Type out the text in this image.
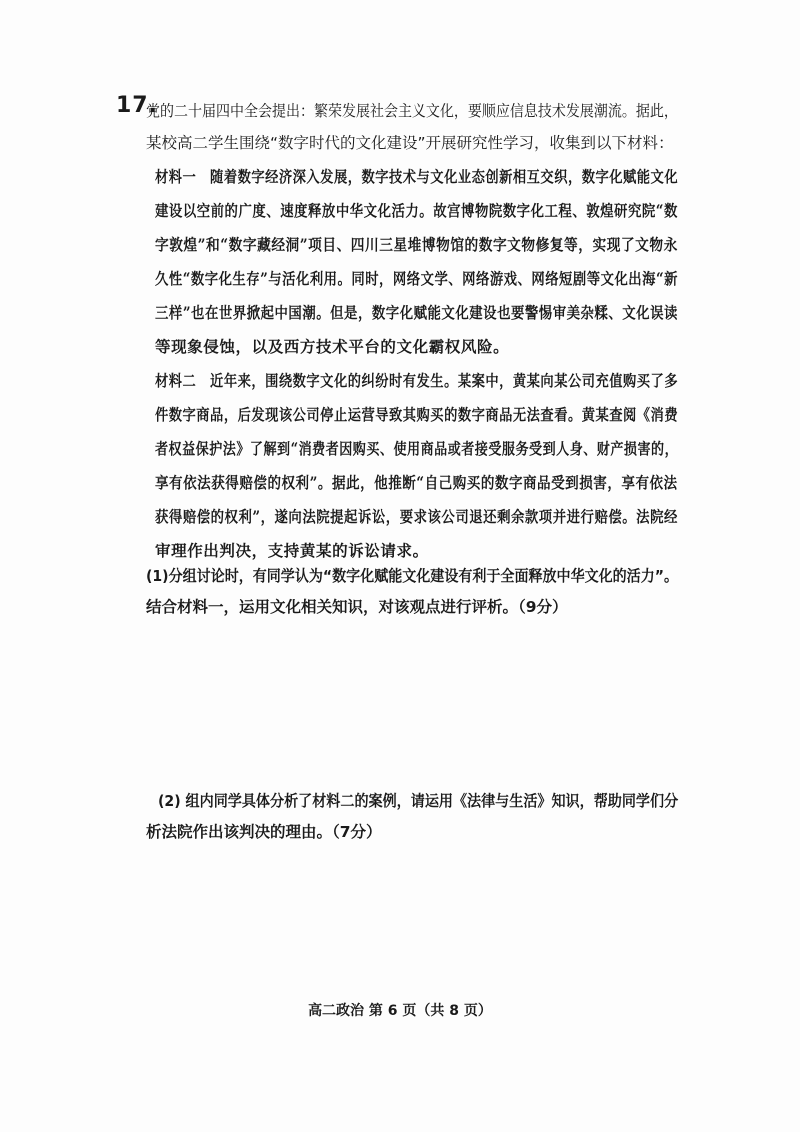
17.
党的二十届四中全会提出：繁荣发展社会主义文化，要顺应信息技术发展潮流。据此，
某校高二学生围绕“数字时代的文化建设”开展研究性学习，收集到以下材料：
材料一　随着数字经济深入发展，数字技术与文化业态创新相互交织，数字化赋能文化
建设以空前的广度、速度释放中华文化活力。故宫博物院数字化工程、敦煌研究院“数
字敦煌”和“数字藏经洞”项目、四川三星堆博物馆的数字文物修复等，实现了文物永
久性“数字化生存”与活化利用。同时，网络文学、网络游戏、网络短剧等文化出海“新
三样”也在世界掀起中国潮。但是，数字化赋能文化建设也要警惕审美杂糅、文化误读
等现象侵蚀，以及西方技术平台的文化霸权风险。
材料二　近年来，围绕数字文化的纠纷时有发生。某案中，黄某向某公司充值购买了多
件数字商品，后发现该公司停止运营导致其购买的数字商品无法查看。黄某查阅《消费
者权益保护法》了解到“消费者因购买、使用商品或者接受服务受到人身、财产损害的，
享有依法获得赔偿的权利”。据此，他推断“自己购买的数字商品受到损害，享有依法
获得赔偿的权利”，遂向法院提起诉讼，要求该公司退还剩余款项并进行赔偿。法院经
审理作出判决，支持黄某的诉讼请求。
(1)分组讨论时，有同学认为“数字化赋能文化建设有利于全面释放中华文化的活力”。
结合材料一，运用文化相关知识，对该观点进行评析。（9分）
(2) 组内同学具体分析了材料二的案例，请运用《法律与生活》知识，帮助同学们分
析法院作出该判决的理由。（7分）
高二政治 第 6 页（共 8 页）
